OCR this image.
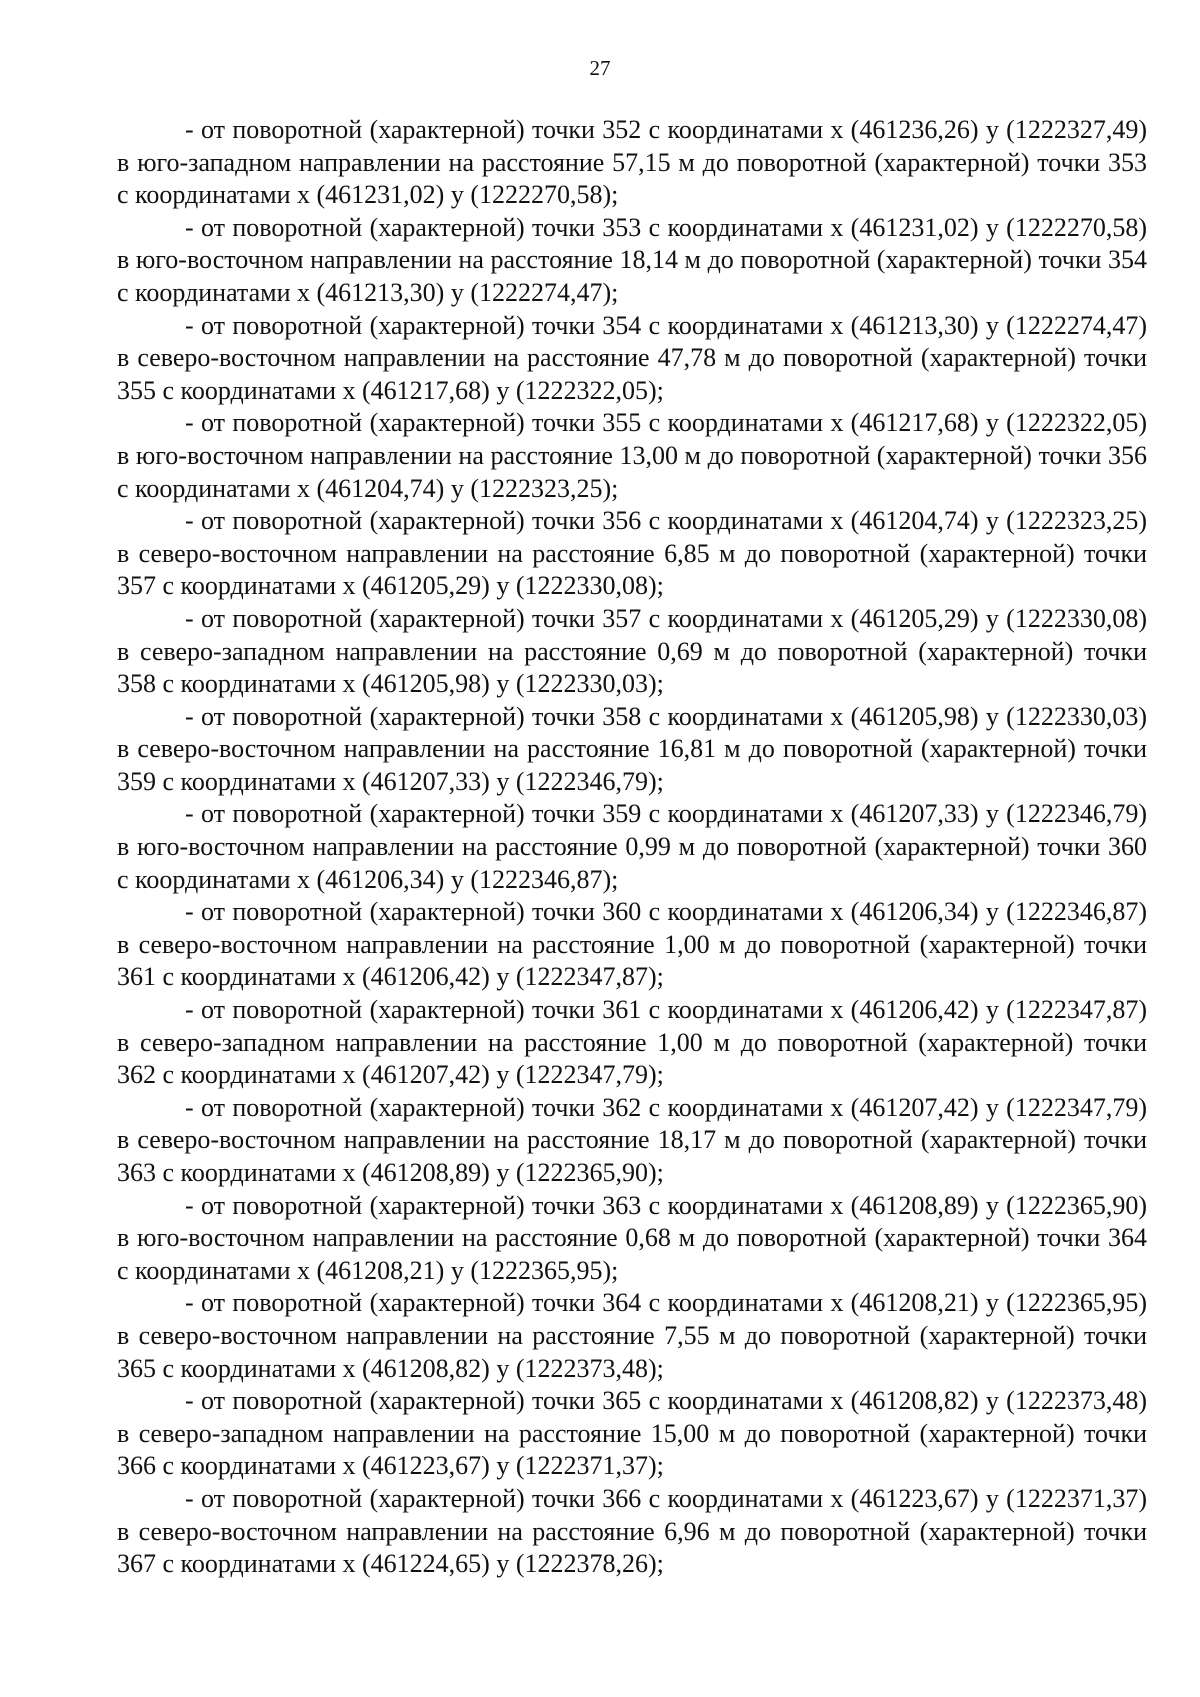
27

- от поворотной (характерной) точки 352 с координатами х (461236,26) у (1222327,49) в юго-западном направлении на расстояние 57,15 м до поворотной (характерной) точки 353 с координатами х (461231,02) у (1222270,58);

- от поворотной (характерной) точки 353 с координатами х (461231,02) у (1222270,58) в юго-восточном направлении на расстояние 18,14 м до поворотной (характерной) точки 354 с координатами х (461213,30) у (1222274,47);

- от поворотной (характерной) точки 354 с координатами х (461213,30) у (1222274,47) в северо-восточном направлении на расстояние 47,78 м до поворотной (характерной) точки 355 с координатами х (461217,68) у (1222322,05);

- от поворотной (характерной) точки 355 с координатами х (461217,68) у (1222322,05) в юго-восточном направлении на расстояние 13,00 м до поворотной (характерной) точки 356 с координатами х (461204,74) у (1222323,25);

- от поворотной (характерной) точки 356 с координатами х (461204,74) у (1222323,25) в северо-восточном направлении на расстояние 6,85 м до поворотной (характерной) точки 357 с координатами х (461205,29) у (1222330,08);

- от поворотной (характерной) точки 357 с координатами х (461205,29) у (1222330,08) в северо-западном направлении на расстояние 0,69 м до поворотной (характерной) точки 358 с координатами х (461205,98) у (1222330,03);

- от поворотной (характерной) точки 358 с координатами х (461205,98) у (1222330,03) в северо-восточном направлении на расстояние 16,81 м до поворотной (характерной) точки 359 с координатами х (461207,33) у (1222346,79);

- от поворотной (характерной) точки 359 с координатами х (461207,33) у (1222346,79) в юго-восточном направлении на расстояние 0,99 м до поворотной (характерной) точки 360 с координатами х (461206,34) у (1222346,87);

- от поворотной (характерной) точки 360 с координатами х (461206,34) у (1222346,87) в северо-восточном направлении на расстояние 1,00 м до поворотной (характерной) точки 361 с координатами х (461206,42) у (1222347,87);

- от поворотной (характерной) точки 361 с координатами х (461206,42) у (1222347,87) в северо-западном направлении на расстояние 1,00 м до поворотной (характерной) точки 362 с координатами х (461207,42) у (1222347,79);

- от поворотной (характерной) точки 362 с координатами х (461207,42) у (1222347,79) в северо-восточном направлении на расстояние 18,17 м до поворотной (характерной) точки 363 с координатами х (461208,89) у (1222365,90);

- от поворотной (характерной) точки 363 с координатами х (461208,89) у (1222365,90) в юго-восточном направлении на расстояние 0,68 м до поворотной (характерной) точки 364 с координатами х (461208,21) у (1222365,95);

- от поворотной (характерной) точки 364 с координатами х (461208,21) у (1222365,95) в северо-восточном направлении на расстояние 7,55 м до поворотной (характерной) точки 365 с координатами х (461208,82) у (1222373,48);

- от поворотной (характерной) точки 365 с координатами х (461208,82) у (1222373,48) в северо-западном направлении на расстояние 15,00 м до поворотной (характерной) точки 366 с координатами х (461223,67) у (1222371,37);

- от поворотной (характерной) точки 366 с координатами х (461223,67) у (1222371,37) в северо-восточном направлении на расстояние 6,96 м до поворотной (характерной) точки 367 с координатами х (461224,65) у (1222378,26);
